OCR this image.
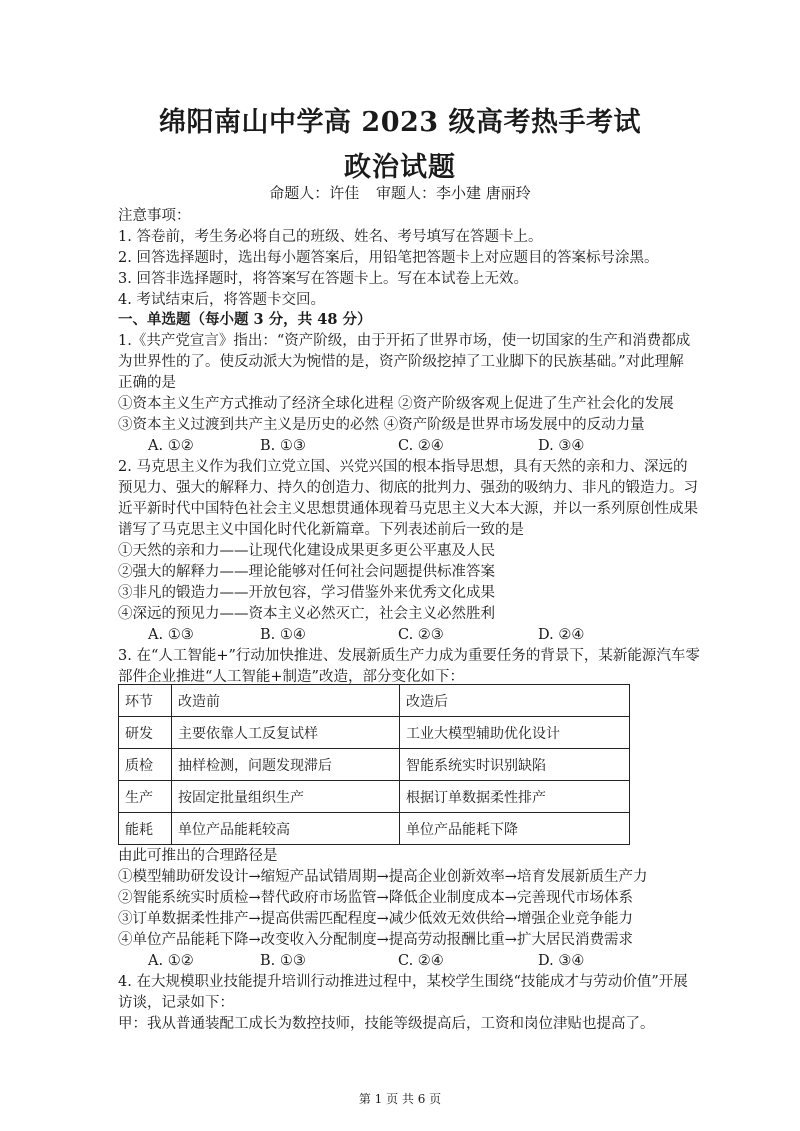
绵阳南山中学高 2023 级高考热手考试
政治试题
命题人：许佳 审题人：李小建 唐丽玲
注意事项：
1. 答卷前，考生务必将自己的班级、姓名、考号填写在答题卡上。
2. 回答选择题时，选出每小题答案后，用铅笔把答题卡上对应题目的答案标号涂黑。
3. 回答非选择题时，将答案写在答题卡上。写在本试卷上无效。
4. 考试结束后，将答题卡交回。
一、单选题（每小题 3 分，共 48 分）
1.《共产党宣言》指出：“资产阶级，由于开拓了世界市场，使一切国家的生产和消费都成
为世界性的了。使反动派大为惋惜的是，资产阶级挖掉了工业脚下的民族基础。”对此理解
正确的是
①资本主义生产方式推动了经济全球化进程 ②资产阶级客观上促进了生产社会化的发展
③资本主义过渡到共产主义是历史的必然 ④资产阶级是世界市场发展中的反动力量
A. ①②	B. ①③	C. ②④	D. ③④
2. 马克思主义作为我们立党立国、兴党兴国的根本指导思想，具有天然的亲和力、深远的
预见力、强大的解释力、持久的创造力、彻底的批判力、强劲的吸纳力、非凡的锻造力。习
近平新时代中国特色社会主义思想贯通体现着马克思主义大本大源，并以一系列原创性成果
谱写了马克思主义中国化时代化新篇章。下列表述前后一致的是
①天然的亲和力——让现代化建设成果更多更公平惠及人民
②强大的解释力——理论能够对任何社会问题提供标准答案
③非凡的锻造力——开放包容，学习借鉴外来优秀文化成果
④深远的预见力——资本主义必然灭亡，社会主义必然胜利
A. ①③	B. ①④	C. ②③	D. ②④
3. 在“人工智能+”行动加快推进、发展新质生产力成为重要任务的背景下，某新能源汽车零
部件企业推进“人工智能+制造”改造，部分变化如下：
环节	改造前	改造后
研发	主要依靠人工反复试样	工业大模型辅助优化设计
质检	抽样检测，问题发现滞后	智能系统实时识别缺陷
生产	按固定批量组织生产	根据订单数据柔性排产
能耗	单位产品能耗较高	单位产品能耗下降
由此可推出的合理路径是
①模型辅助研发设计→缩短产品试错周期→提高企业创新效率→培育发展新质生产力
②智能系统实时质检→替代政府市场监管→降低企业制度成本→完善现代市场体系
③订单数据柔性排产→提高供需匹配程度→减少低效无效供给→增强企业竞争能力
④单位产品能耗下降→改变收入分配制度→提高劳动报酬比重→扩大居民消费需求
A. ①②	B. ①③	C. ②④	D. ③④
4. 在大规模职业技能提升培训行动推进过程中，某校学生围绕“技能成才与劳动价值”开展
访谈，记录如下：
甲：我从普通装配工成长为数控技师，技能等级提高后，工资和岗位津贴也提高了。
第 1 页 共 6 页
